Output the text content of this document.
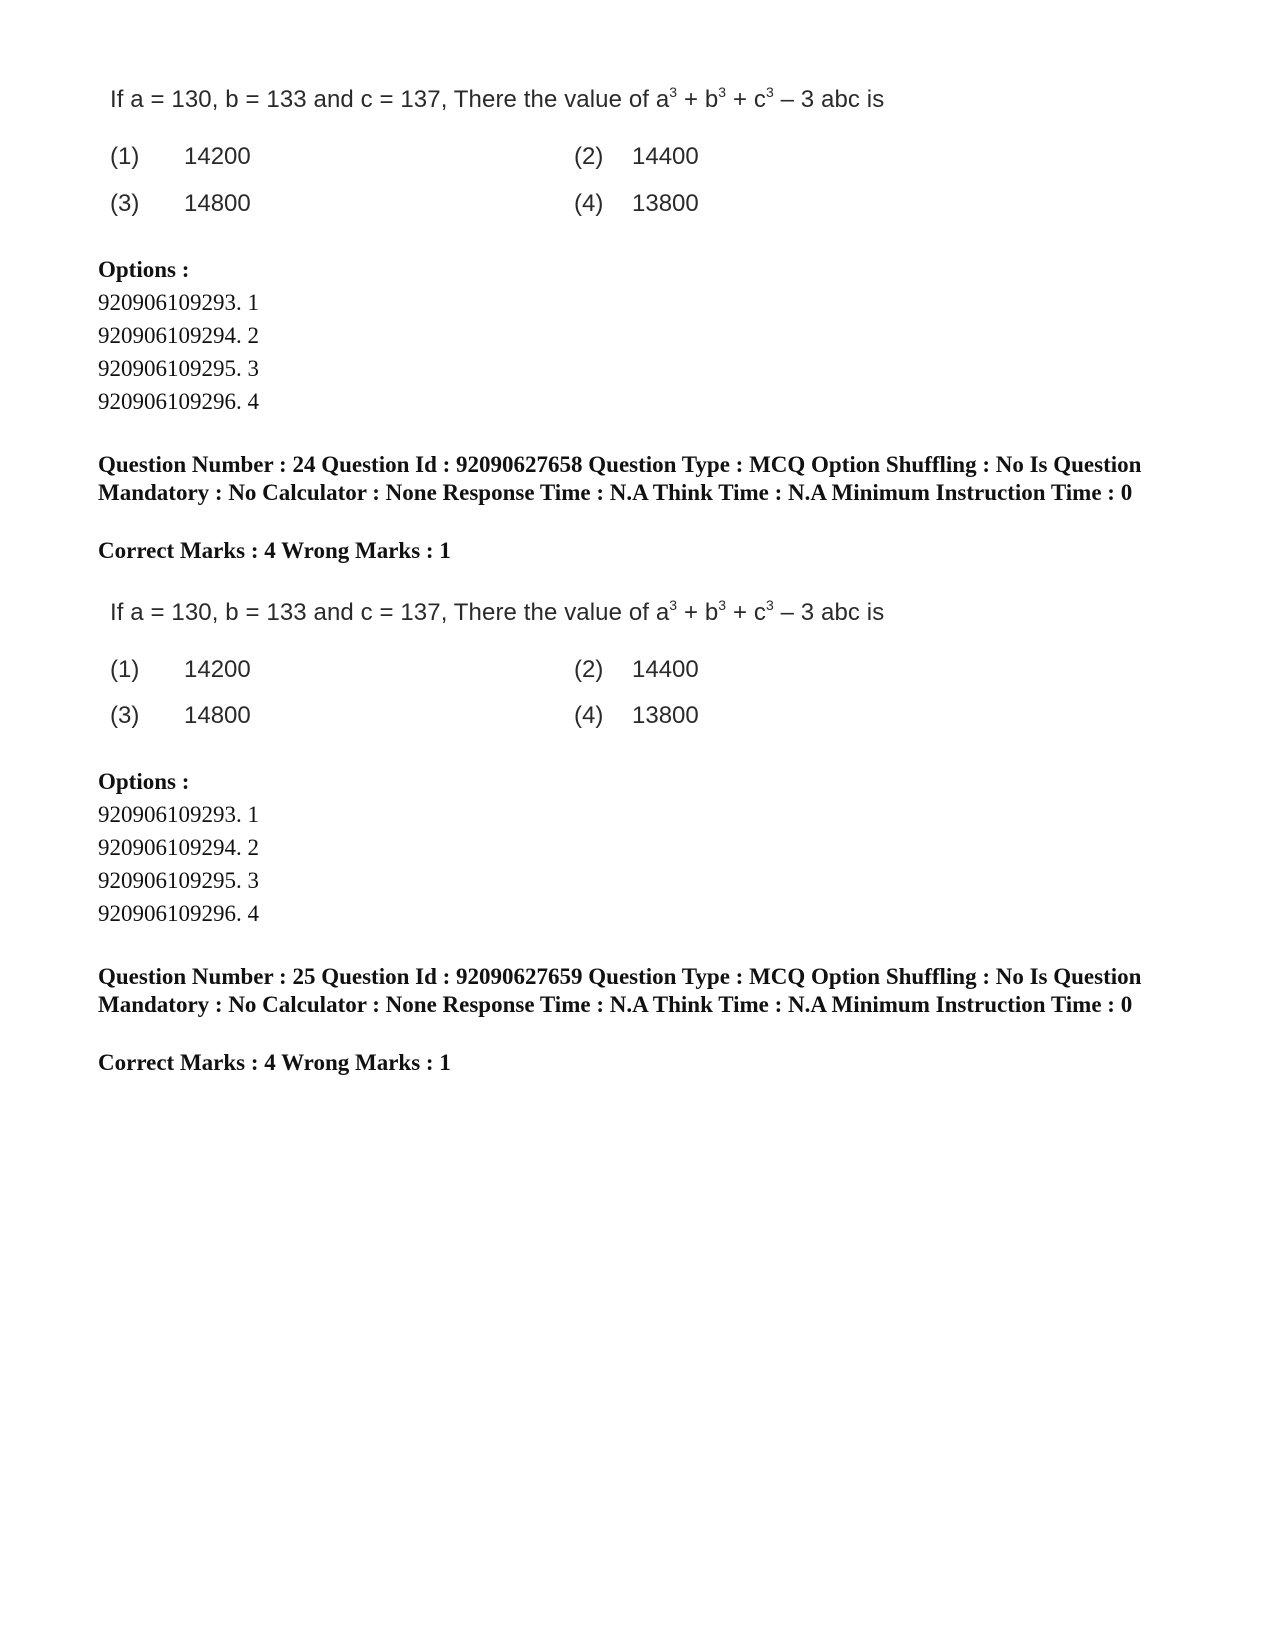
If a = 130, b = 133 and c = 137, There the value of $a^3 + b^3 + c^3 - 3$ abc is
(1) 14200	(2) 14400
(3) 14800	(4) 13800
Options :
920906109293. 1
920906109294. 2
920906109295. 3
920906109296. 4
Question Number : 24 Question Id : 92090627658 Question Type : MCQ Option Shuffling : No Is Question Mandatory : No Calculator : None Response Time : N.A Think Time : N.A Minimum Instruction Time : 0
Correct Marks : 4 Wrong Marks : 1
If a = 130, b = 133 and c = 137, There the value of $a^3 + b^3 + c^3 - 3$ abc is
(1) 14200	(2) 14400
(3) 14800	(4) 13800
Options :
920906109293. 1
920906109294. 2
920906109295. 3
920906109296. 4
Question Number : 25 Question Id : 92090627659 Question Type : MCQ Option Shuffling : No Is Question Mandatory : No Calculator : None Response Time : N.A Think Time : N.A Minimum Instruction Time : 0
Correct Marks : 4 Wrong Marks : 1
